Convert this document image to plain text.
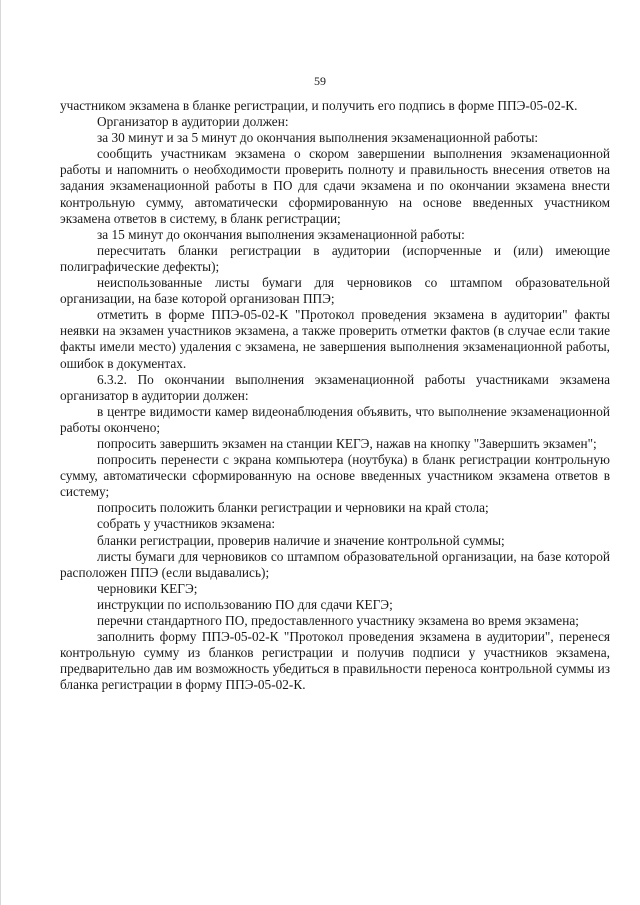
59

участником экзамена в бланке регистрации, и получить его подпись в форме ППЭ-05-02-К.

Организатор в аудитории должен:

за 30 минут и за 5 минут до окончания выполнения экзаменационной работы:

сообщить участникам экзамена о скором завершении выполнения экзаменационной работы и напомнить о необходимости проверить полноту и правильность внесения ответов на задания экзаменационной работы в ПО для сдачи экзамена и по окончании экзамена внести контрольную сумму, автоматически сформированную на основе введенных участником экзамена ответов в систему, в бланк регистрации;

за 15 минут до окончания выполнения экзаменационной работы:

пересчитать бланки регистрации в аудитории (испорченные и (или) имеющие полиграфические дефекты);

неиспользованные листы бумаги для черновиков со штампом образовательной организации, на базе которой организован ППЭ;

отметить в форме ППЭ-05-02-К "Протокол проведения экзамена в аудитории" факты неявки на экзамен участников экзамена, а также проверить отметки фактов (в случае если такие факты имели место) удаления с экзамена, не завершения выполнения экзаменационной работы, ошибок в документах.

6.3.2. По окончании выполнения экзаменационной работы участниками экзамена организатор в аудитории должен:

в центре видимости камер видеонаблюдения объявить, что выполнение экзаменационной работы окончено;

попросить завершить экзамен на станции КЕГЭ, нажав на кнопку "Завершить экзамен";

попросить перенести с экрана компьютера (ноутбука) в бланк регистрации контрольную сумму, автоматически сформированную на основе введенных участником экзамена ответов в систему;

попросить положить бланки регистрации и черновики на край стола;

собрать у участников экзамена:

бланки регистрации, проверив наличие и значение контрольной суммы;

листы бумаги для черновиков со штампом образовательной организации, на базе которой расположен ППЭ (если выдавались);

черновики КЕГЭ;

инструкции по использованию ПО для сдачи КЕГЭ;

перечни стандартного ПО, предоставленного участнику экзамена во время экзамена;

заполнить форму ППЭ-05-02-К "Протокол проведения экзамена в аудитории", перенеся контрольную сумму из бланков регистрации и получив подписи у участников экзамена, предварительно дав им возможность убедиться в правильности переноса контрольной суммы из бланка регистрации в форму ППЭ-05-02-К.
